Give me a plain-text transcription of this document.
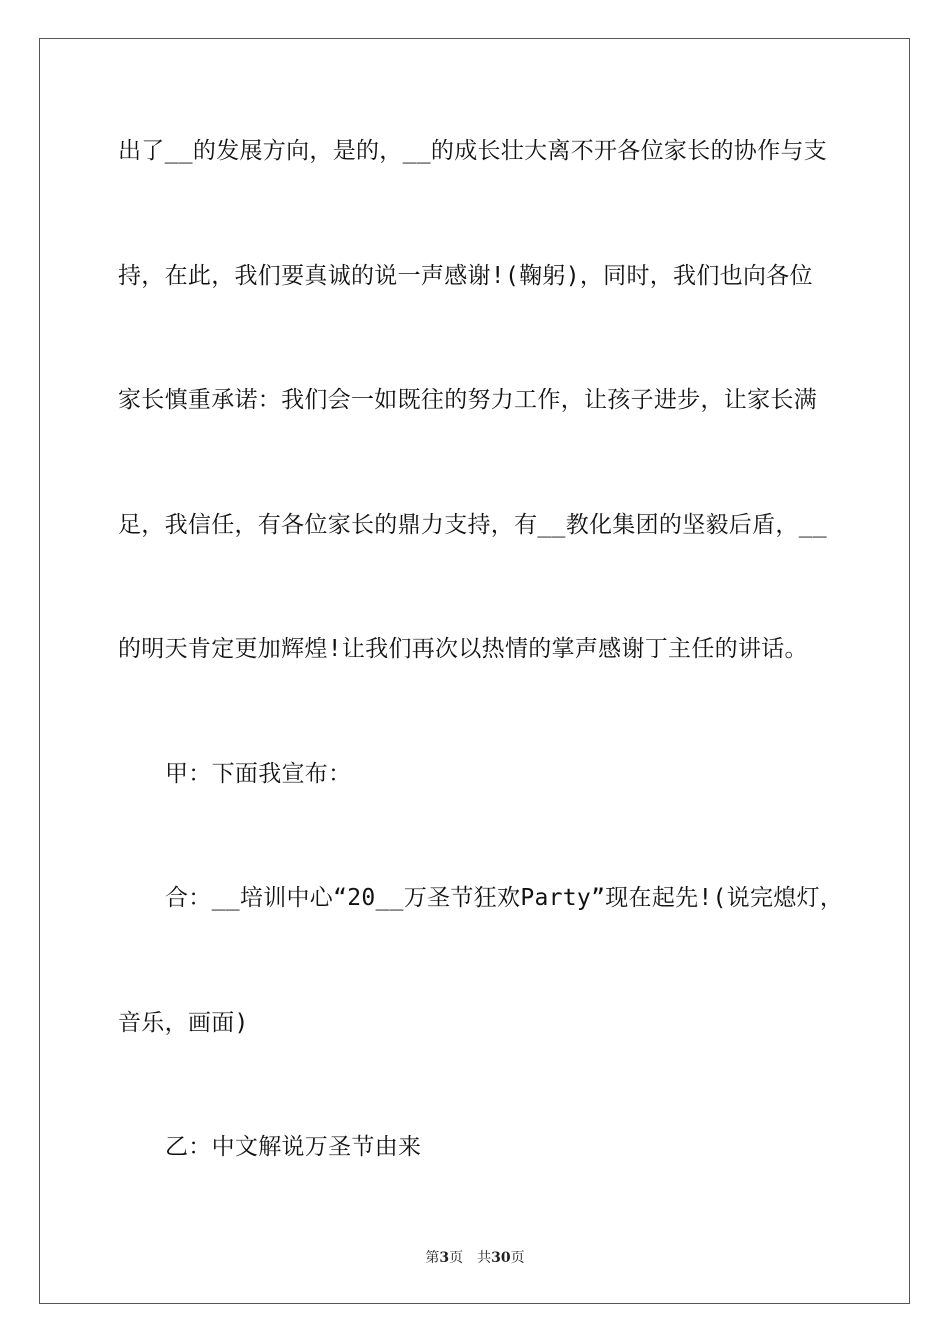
出了__的发展方向，是的，__的成长壮大离不开各位家长的协作与支
持，在此，我们要真诚的说一声感谢!(鞠躬)，同时，我们也向各位
家长慎重承诺：我们会一如既往的努力工作，让孩子进步，让家长满
足，我信任，有各位家长的鼎力支持，有__教化集团的坚毅后盾，__
的明天肯定更加辉煌!让我们再次以热情的掌声感谢丁主任的讲话。
甲：下面我宣布：
合：__培训中心“20__万圣节狂欢Party”现在起先!(说完熄灯，
音乐，画面)
乙：中文解说万圣节由来
第3页 共30页
